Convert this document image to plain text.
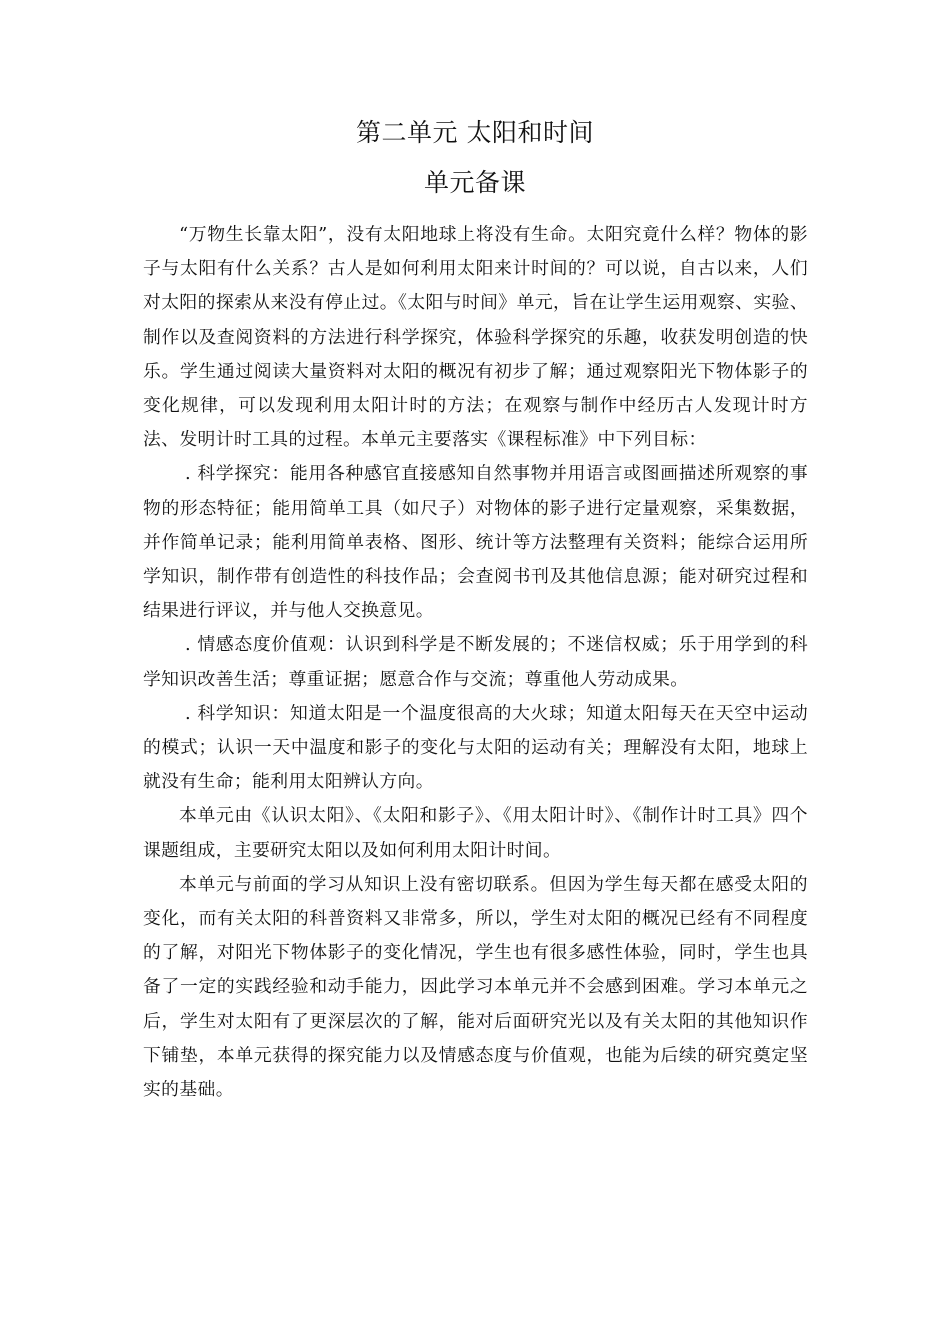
第二单元 太阳和时间
单元备课

“万物生长靠太阳”，没有太阳地球上将没有生命。太阳究竟什么样？物体的影子与太阳有什么关系？古人是如何利用太阳来计时间的？可以说，自古以来，人们对太阳的探索从来没有停止过。《太阳与时间》单元，旨在让学生运用观察、实验、制作以及查阅资料的方法进行科学探究，体验科学探究的乐趣，收获发明创造的快乐。学生通过阅读大量资料对太阳的概况有初步了解；通过观察阳光下物体影子的变化规律，可以发现利用太阳计时的方法；在观察与制作中经历古人发现计时方法、发明计时工具的过程。本单元主要落实《课程标准》中下列目标：

. 科学探究：能用各种感官直接感知自然事物并用语言或图画描述所观察的事物的形态特征；能用简单工具（如尺子）对物体的影子进行定量观察，采集数据，并作简单记录；能利用简单表格、图形、统计等方法整理有关资料；能综合运用所学知识，制作带有创造性的科技作品；会查阅书刊及其他信息源；能对研究过程和结果进行评议，并与他人交换意见。

. 情感态度价值观：认识到科学是不断发展的；不迷信权威；乐于用学到的科学知识改善生活；尊重证据；愿意合作与交流；尊重他人劳动成果。

. 科学知识：知道太阳是一个温度很高的大火球；知道太阳每天在天空中运动的模式；认识一天中温度和影子的变化与太阳的运动有关；理解没有太阳，地球上就没有生命；能利用太阳辨认方向。

本单元由《认识太阳》、《太阳和影子》、《用太阳计时》、《制作计时工具》四个课题组成，主要研究太阳以及如何利用太阳计时间。

本单元与前面的学习从知识上没有密切联系。但因为学生每天都在感受太阳的变化，而有关太阳的科普资料又非常多，所以，学生对太阳的概况已经有不同程度的了解，对阳光下物体影子的变化情况，学生也有很多感性体验，同时，学生也具备了一定的实践经验和动手能力，因此学习本单元并不会感到困难。学习本单元之后，学生对太阳有了更深层次的了解，能对后面研究光以及有关太阳的其他知识作下铺垫，本单元获得的探究能力以及情感态度与价值观，也能为后续的研究奠定坚实的基础。
